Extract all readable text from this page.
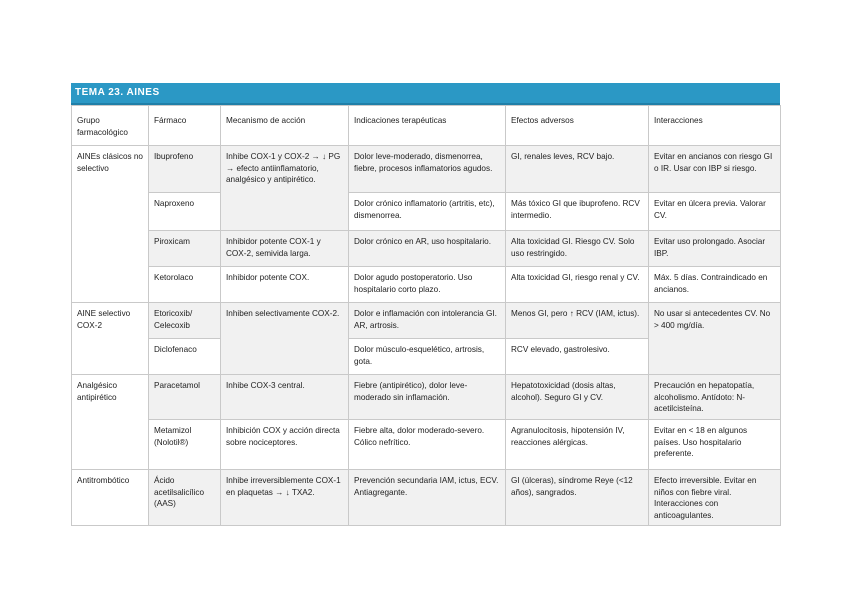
TEMA 23. AINES
Grupo farmacológico	Fármaco	Mecanismo de acción	Indicaciones terapéuticas	Efectos adversos	Interacciones
AINEs clásicos no selectivo	Ibuprofeno	Inhibe COX-1 y COX-2 → ↓ PG → efecto antiinflamatorio, analgésico y antipirético.	Dolor leve-moderado, dismenorrea, fiebre, procesos inflamatorios agudos.	GI, renales leves, RCV bajo.	Evitar en ancianos con riesgo GI o IR. Usar con IBP si riesgo.
	Naproxeno		Dolor crónico inflamatorio (artritis, etc), dismenorrea.	Más tóxico GI que ibuprofeno. RCV intermedio.	Evitar en úlcera previa. Valorar CV.
	Piroxicam	Inhibidor potente COX-1 y COX-2, semivida larga.	Dolor crónico en AR, uso hospitalario.	Alta toxicidad GI. Riesgo CV. Solo uso restringido.	Evitar uso prolongado. Asociar IBP.
	Ketorolaco	Inhibidor potente COX.	Dolor agudo postoperatorio. Uso hospitalario corto plazo.	Alta toxicidad GI, riesgo renal y CV.	Máx. 5 días. Contraindicado en ancianos.
AINE selectivo COX-2	Etoricoxib/ Celecoxib	Inhiben selectivamente COX-2.	Dolor e inflamación con intolerancia GI. AR, artrosis.	Menos GI, pero ↑ RCV (IAM, ictus).	No usar si antecedentes CV. No > 400 mg/día.
	Diclofenaco		Dolor músculo-esquelético, artrosis, gota.	RCV elevado, gastrolesivo.	
Analgésico antipirético	Paracetamol	Inhibe COX-3 central.	Fiebre (antipirético), dolor leve-moderado sin inflamación.	Hepatotoxicidad (dosis altas, alcohol). Seguro GI y CV.	Precaución en hepatopatía, alcoholismo. Antídoto: N-acetilcisteína.
	Metamizol (Nolotil®)	Inhibición COX y acción directa sobre nociceptores.	Fiebre alta, dolor moderado-severo. Cólico nefrítico.	Agranulocitosis, hipotensión IV, reacciones alérgicas.	Evitar en < 18 en algunos países. Uso hospitalario preferente.
Antitrombótico	Ácido acetilsalicílico (AAS)	Inhibe irreversiblemente COX-1 en plaquetas → ↓ TXA2.	Prevención secundaria IAM, ictus, ECV. Antiagregante.	GI (úlceras), síndrome Reye (<12 años), sangrados.	Efecto irreversible. Evitar en niños con fiebre viral. Interacciones con anticoagulantes.
